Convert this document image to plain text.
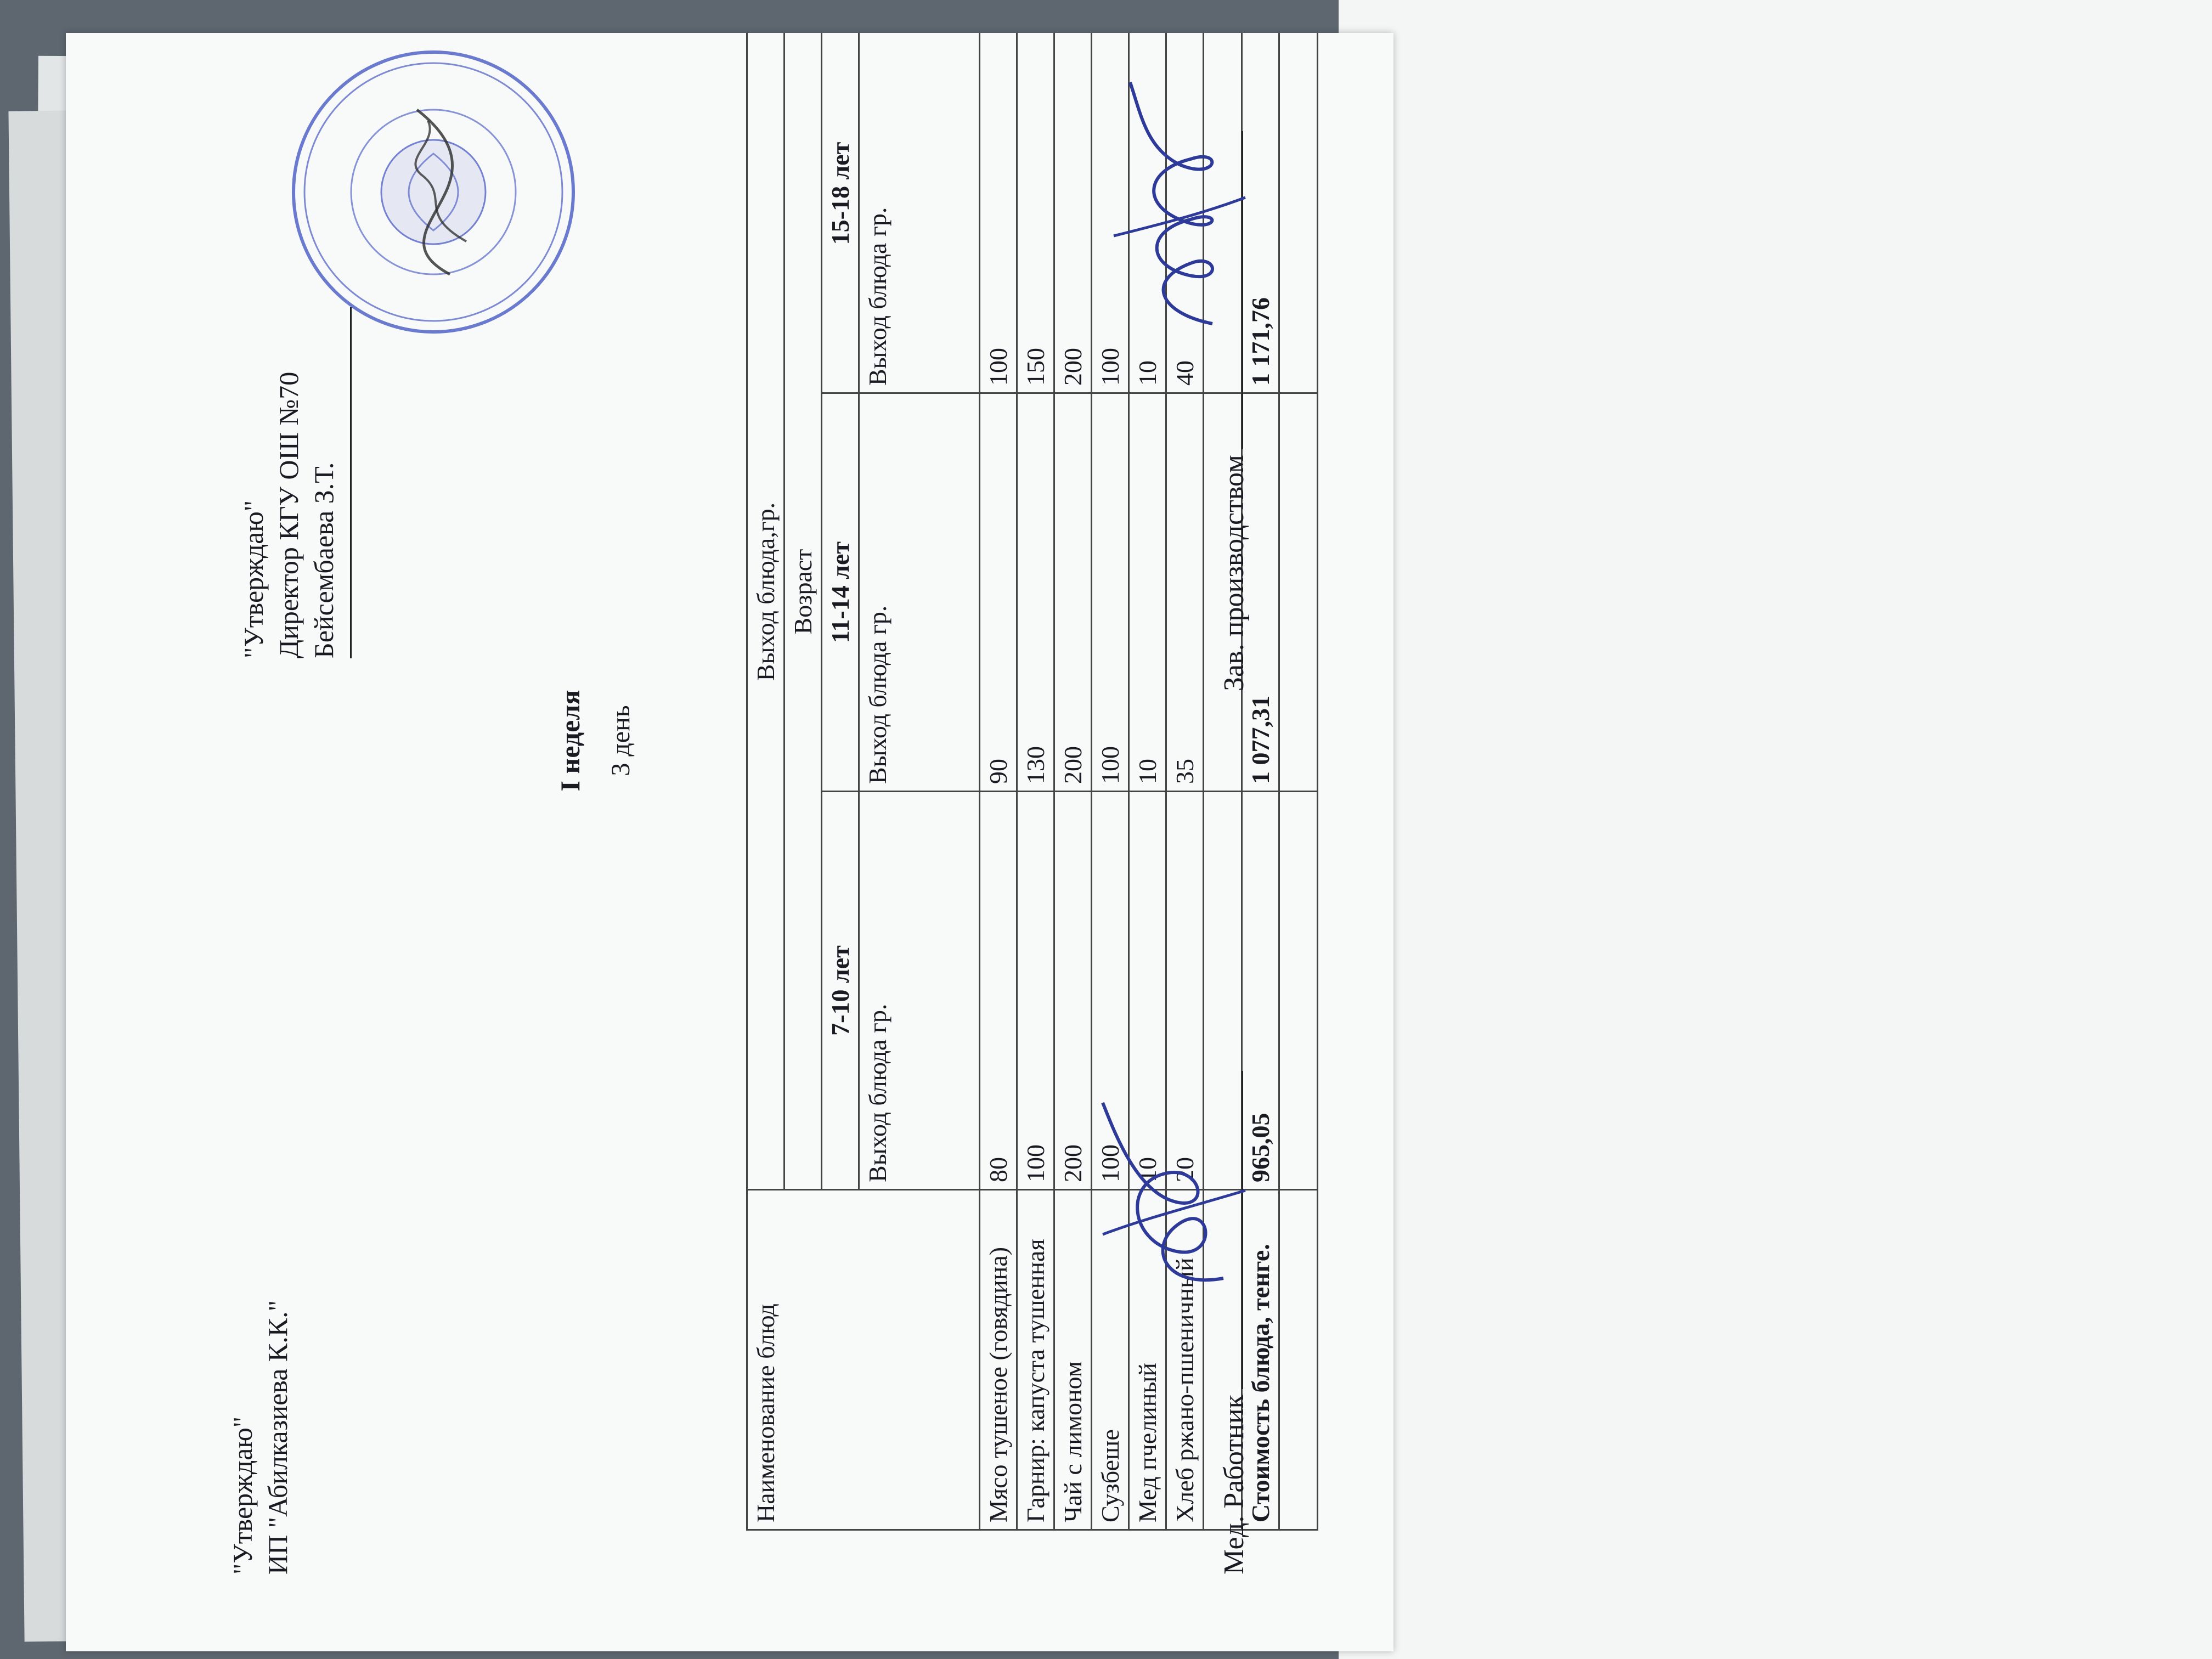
"Утверждаю" ИП "Абилказиева К.К."
"Утверждаю" Директор КГУ ОШ №70 Бейсембаева З.Т.
I неделя 3 день
Наименование блюд	Выход блюда,гр.		
	Возраст		
	7-10 лет	11-14 лет	15-18 лет
	Выход блюда гр.	Выход блюда гр.	Выход блюда гр.
Мясо тушеное (говядина)	80	90	100
Гарнир: капуста тушенная	100	130	150
Чай с лимоном	200	200	200
Сузбеше	100	100	100
Мед пчелиный	10	10	10
Хлеб ржано-пшеничный	20	35	40

Стоимость блюда, тенге.	965,05	1 077,31	1 171,76

Мед. Работник
Зав. производством
